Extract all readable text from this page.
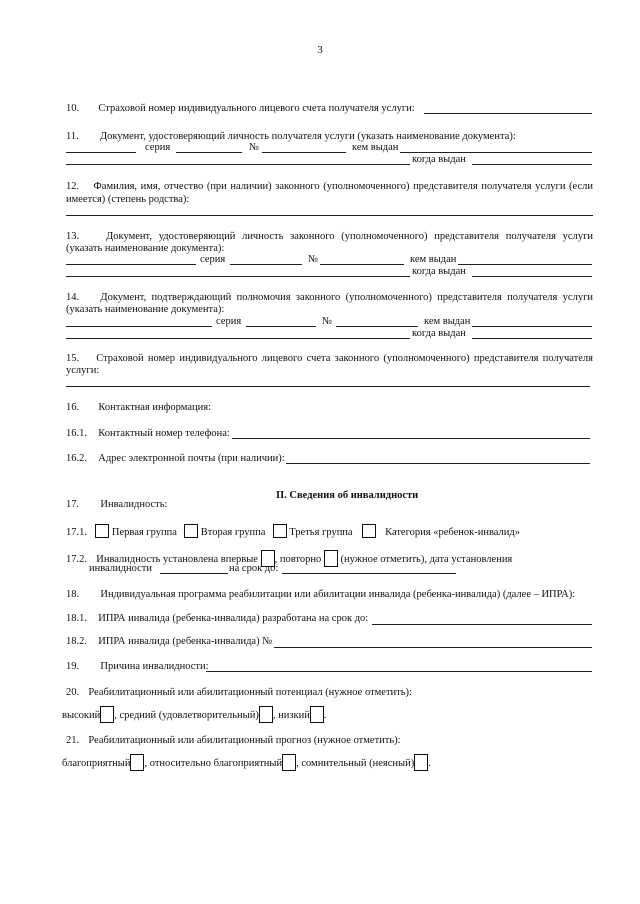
3
10. Страховой номер индивидуального лицевого счета получателя услуги:
11. Документ, удостоверяющий личность получателя услуги (указать наименование документа):
серия	№	кем выдан
когда выдан
12. Фамилия, имя, отчество (при наличии) законного (уполномоченного) представителя получателя услуги (если
имеется) (степень родства):
13.	Документ, удостоверяющий личность законного (уполномоченного) представителя получателя услуги
(указать наименование документа):
серия	№	кем выдан
когда выдан
14. Документ, подтверждающий полномочия законного (уполномоченного) представителя получателя услуги
(указать наименование документа):
серия	№	кем выдан
когда выдан
15. Страховой номер индивидуального лицевого счета законного (уполномоченного) представителя получателя
услуги:
16. Контактная информация:
16.1. Контактный номер телефона:
16.2. Адрес электронной почты (при наличии):
II. Сведения об инвалидности
17. Инвалидность:
17.1. Первая группа Вторая группа Третья группа	Категория «ребенок-инвалид»
17.2. Инвалидность установлена впервые , повторно (нужное отметить), дата установления
инвалидности	на срок до:
18. Индивидуальная программа реабилитации или абилитации инвалида (ребенка-инвалида) (далее – ИПРА):
18.1. ИПРА инвалида (ребенка-инвалида) разработана на срок до:
18.2. ИПРА инвалида (ребенка-инвалида) №
19. Причина инвалидности:
20. Реабилитационный или абилитационный потенциал (нужное отметить):
высокий , средний (удовлетворительный) , низкий .
21. Реабилитационный или абилитационный прогноз (нужное отметить):
благоприятный , относительно благоприятный , сомнительный (неясный) .
